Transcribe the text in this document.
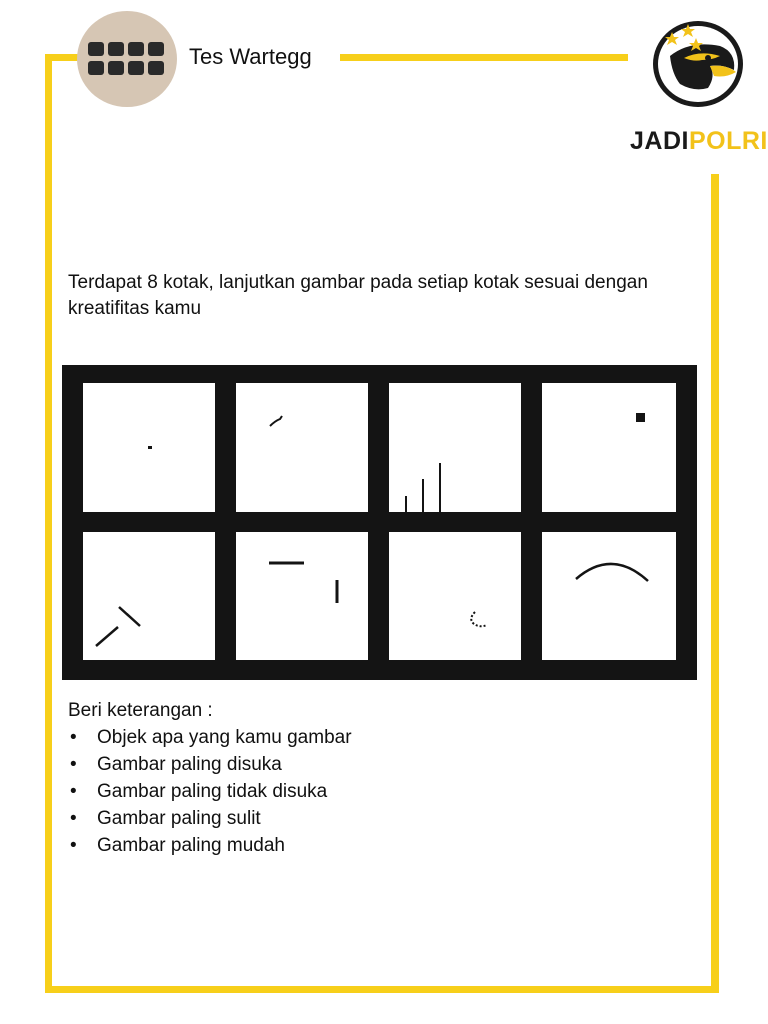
Tes Wartegg
JADIPOLRI
Terdapat 8 kotak, lanjutkan gambar pada setiap kotak sesuai dengan kreatifitas kamu
Beri keterangan :
• Objek apa yang kamu gambar
• Gambar paling disuka
• Gambar paling tidak disuka
• Gambar paling sulit
• Gambar paling mudah
